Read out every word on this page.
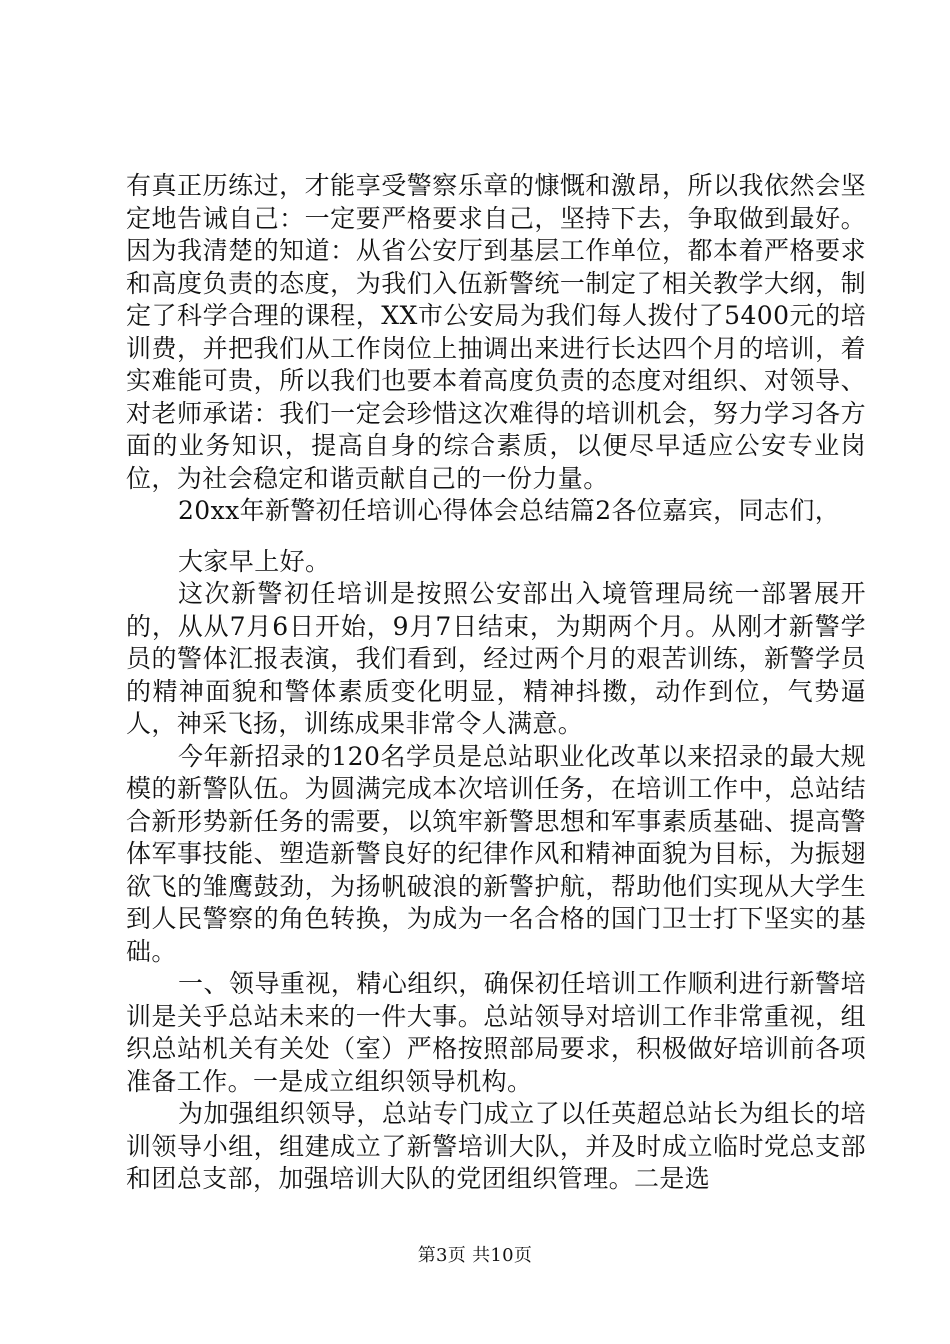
有真正历练过，才能享受警察乐章的慷慨和激昂，所以我依然会坚定地告诫自己：一定要严格要求自己，坚持下去，争取做到最好。因为我清楚的知道：从省公安厅到基层工作单位，都本着严格要求和高度负责的态度，为我们入伍新警统一制定了相关教学大纲，制定了科学合理的课程，XX市公安局为我们每人拨付了5400元的培训费，并把我们从工作岗位上抽调出来进行长达四个月的培训，着实难能可贵，所以我们也要本着高度负责的态度对组织、对领导、对老师承诺：我们一定会珍惜这次难得的培训机会，努力学习各方面的业务知识，提高自身的综合素质，以便尽早适应公安专业岗位，为社会稳定和谐贡献自己的一份力量。

20xx年新警初任培训心得体会总结篇2各位嘉宾，同志们，

大家早上好。

这次新警初任培训是按照公安部出入境管理局统一部署展开的，从从7月6日开始，9月7日结束，为期两个月。从刚才新警学员的警体汇报表演，我们看到，经过两个月的艰苦训练，新警学员的精神面貌和警体素质变化明显，精神抖擞，动作到位，气势逼人，神采飞扬，训练成果非常令人满意。

今年新招录的120名学员是总站职业化改革以来招录的最大规模的新警队伍。为圆满完成本次培训任务，在培训工作中，总站结合新形势新任务的需要，以筑牢新警思想和军事素质基础、提高警体军事技能、塑造新警良好的纪律作风和精神面貌为目标，为振翅欲飞的雏鹰鼓劲，为扬帆破浪的新警护航，帮助他们实现从大学生到人民警察的角色转换，为成为一名合格的国门卫士打下坚实的基础。

一、领导重视，精心组织，确保初任培训工作顺利进行新警培训是关乎总站未来的一件大事。总站领导对培训工作非常重视，组织总站机关有关处（室）严格按照部局要求，积极做好培训前各项准备工作。一是成立组织领导机构。

为加强组织领导，总站专门成立了以任英超总站长为组长的培训领导小组，组建成立了新警培训大队，并及时成立临时党总支部和团总支部，加强培训大队的党团组织管理。二是选

第3页 共10页
